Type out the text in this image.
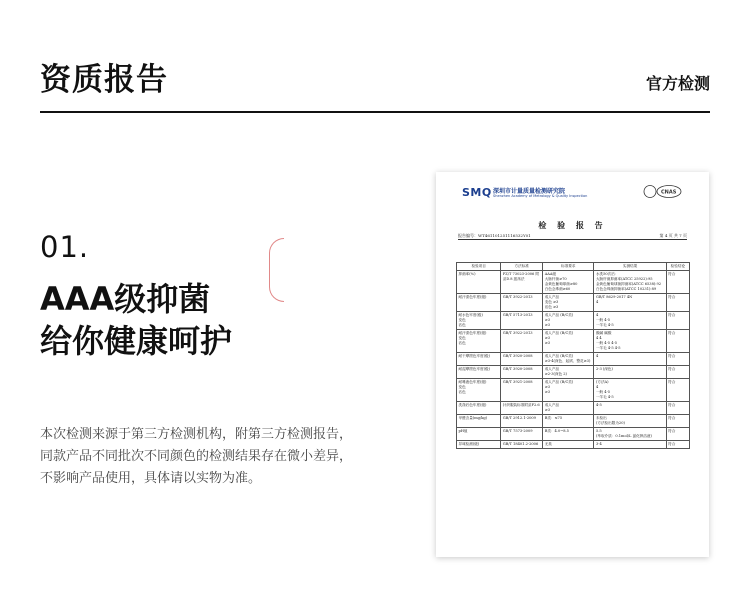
资质报告	官方检测
01.
AAA级抑菌
给你健康呵护
本次检测来源于第三方检测机构，附第三方检测报告，
同款产品不同批次不同颜色的检测结果存在微小差异，
不影响产品使用，具体请以实物为准。
SMQ 深圳市计量质量检测研究院
Shenzhen Academy of Metrology & Quality Inspection
CNAS
检 验 报 告
报告编号：WT461101251116532Y01	第 4 页 共 7 页
检验项目	方法标准	标准要求	实测结果	检验结论
抑菌率(%)	FZ/T 73023-2006 附录D.8 振荡法	AAA级
大肠杆菌≥70
金黄色葡萄球菌≥80
白色念珠菌≥60	水洗50次后：
大肠杆菌抑菌率(ATCC 25922):95
金黄色葡萄球菌抑菌率(ATCC 6538):92
白色念珠菌抑菌率(ATCC 10231):89	符合
耐汗渍色牢度(级)	GB/T 3922-2013	成人产品
变色 ≥3
沾色 ≥3	GB/T 8629-2017 4N
4	符合
耐水色牢度(级)
变色
沾色	GB/T 5713-2013	成人产品 (B/C类)
≥3
≥3	4
一般 4-5
一羊毛 4-5	符合
耐汗渍色牢度(级)
变色
沾色	GB/T 3922-2013	成人产品 (B/C类)
≥3
≥3	酸碱 碱酸
4 4
一般 4-5 4-5
一羊毛 4-5 4-5	符合
耐干摩擦色牢度(级)	GB/T 3920-2008	成人产品 (B/C类)
≥3-4(深色、起绒、整花≥3)	4	符合
耐湿摩擦色牢度(级)	GB/T 3920-2008	成人产品
≥2-3(深色 2)	2-3 (深色)	符合
耐唾液色牢度(级)
变色
沾色	GB/T 3921-2008	成人产品 (B/C类)
≥3
≥3	(方法A)
4
一般 4-5
一羊毛 4-5	符合
洗涤后色牢度(级)	针织服装标准附录F2.6	成人产品
≥3	4-5	符合
甲醛含量(mg/kg)	GB/T 2912.1-2009	B类：≤75	未检出
(方法检出限为20)	符合
pH值	GB/T 7573-2009	B类：4.0~8.5	5.5
(萃取介质：0.1mol/L 氯化钾溶液)	符合
异味检测(级)	GB/T 18401.2-2006	无臭	3-4	符合
